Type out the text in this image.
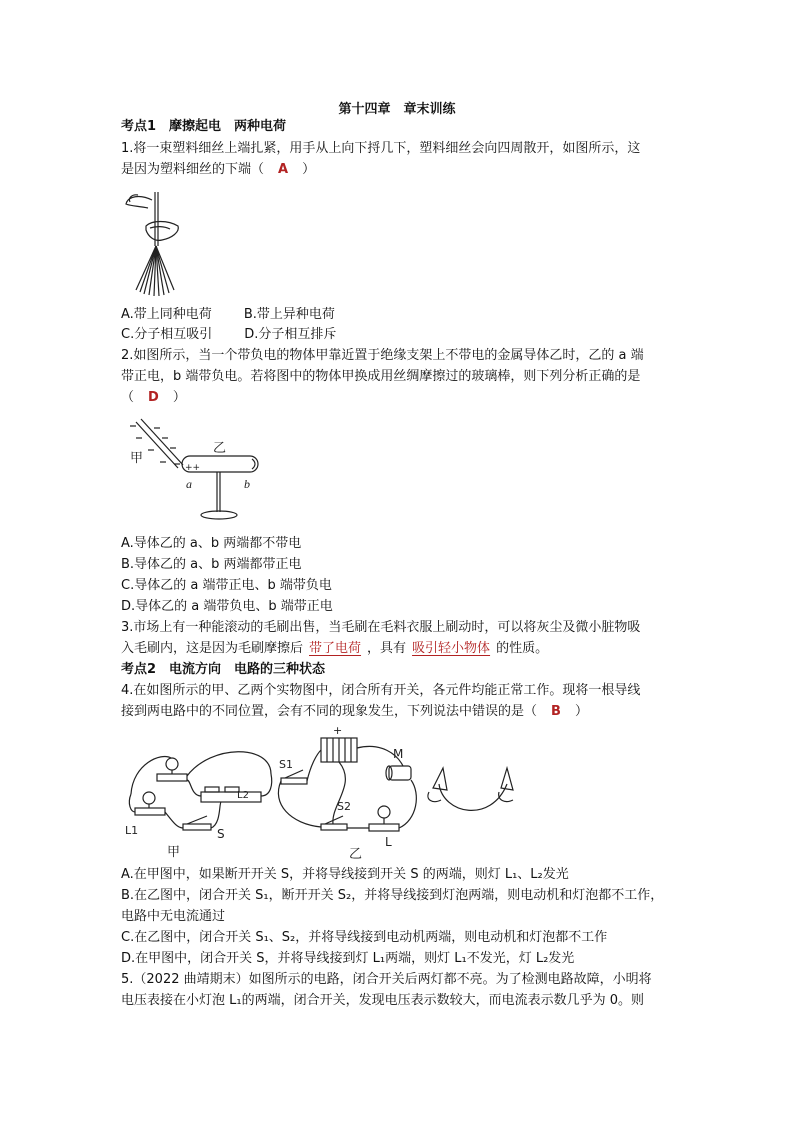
第十四章　章末训练
考点1　摩擦起电　两种电荷
1.将一束塑料细丝上端扎紧，用手从上向下捋几下，塑料细丝会向四周散开，如图所示，这
是因为塑料细丝的下端（ A ）
A.带上同种电荷 B.带上异种电荷
C.分子相互吸引 D.分子相互排斥
2.如图所示，当一个带负电的物体甲靠近置于绝缘支架上不带电的金属导体乙时，乙的 a 端
带正电，b 端带负电。若将图中的物体甲换成用丝绸摩擦过的玻璃棒，则下列分析正确的是
（ D ）
甲
乙
++
a	b
A.导体乙的 a、b 两端都不带电
B.导体乙的 a、b 两端都带正电
C.导体乙的 a 端带正电、b 端带负电
D.导体乙的 a 端带负电、b 端带正电
3.市场上有一种能滚动的毛刷出售，当毛刷在毛料衣服上刷动时，可以将灰尘及微小脏物吸
入毛刷内，这是因为毛刷摩擦后 带了电荷 ，具有 吸引轻小物体 的性质。
考点2　电流方向　电路的三种状态
4.在如图所示的甲、乙两个实物图中，闭合所有开关，各元件均能正常工作。现将一根导线
接到两电路中的不同位置，会有不同的现象发生，下列说法中错误的是（ B ）
L2
L1	S
甲
S1
+
M
S2
L
乙
A.在甲图中，如果断开开关 S，并将导线接到开关 S 的两端，则灯 L₁、L₂发光
B.在乙图中，闭合开关 S₁，断开开关 S₂，并将导线接到灯泡两端，则电动机和灯泡都不工作，
电路中无电流通过
C.在乙图中，闭合开关 S₁、S₂，并将导线接到电动机两端，则电动机和灯泡都不工作
D.在甲图中，闭合开关 S，并将导线接到灯 L₁两端，则灯 L₁不发光，灯 L₂发光
5.（2022 曲靖期末）如图所示的电路，闭合开关后两灯都不亮。为了检测电路故障，小明将
电压表接在小灯泡 L₁的两端，闭合开关，发现电压表示数较大，而电流表示数几乎为 0。则
